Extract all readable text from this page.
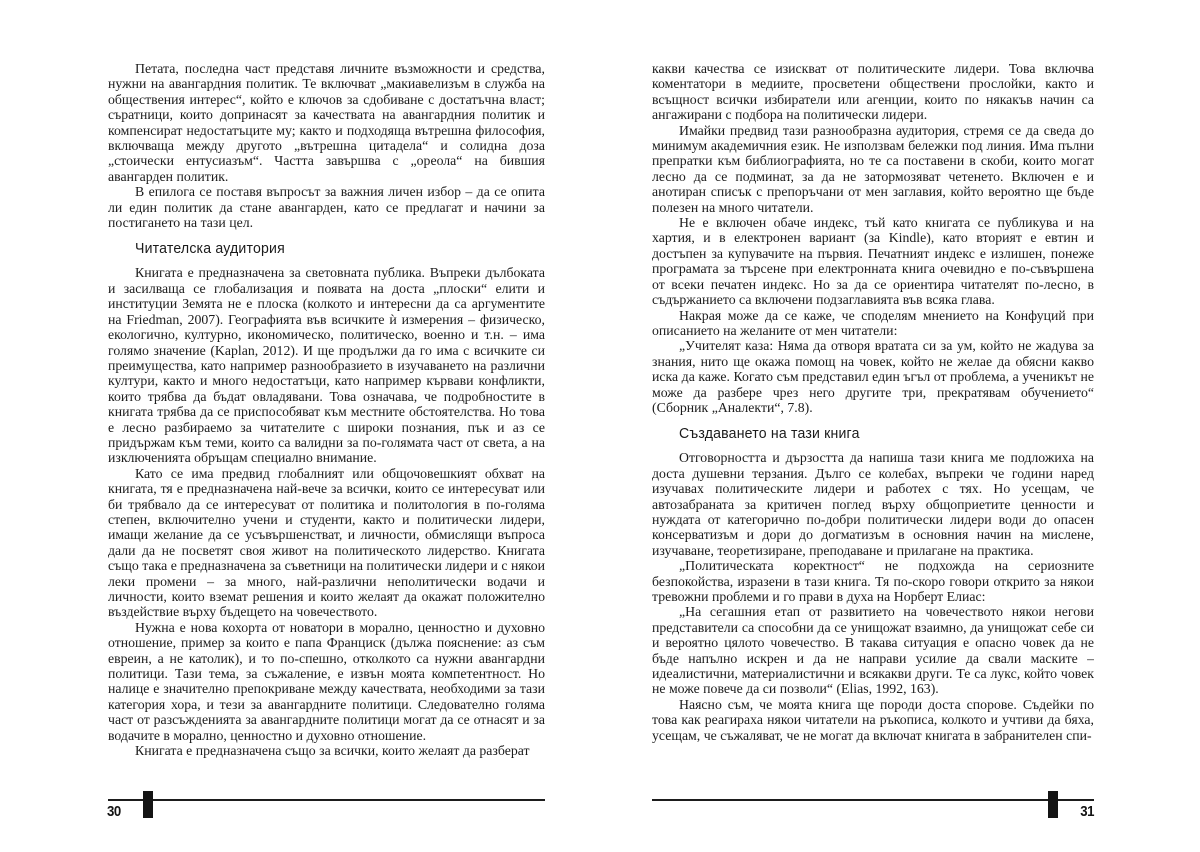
Петата, последна част представя личните възможности и средства, нужни на авангардния политик. Те включват „макиавелизъм в служба на обществения интерес“, който е ключов за сдобиване с достатъчна власт; съратници, които допринасят за качествата на авангардния политик и компенсират недостатъците му; както и подходяща вътрешна философия, включваща между другото „вътрешна цитадела“ и солидна доза „стоически ентусиазъм“. Частта завършва с „ореола“ на бившия авангарден политик.

В епилога се поставя въпросът за важния личен избор – да се опита ли един политик да стане авангарден, като се предлагат и начини за постигането на тази цел.

Читателска аудитория

Книгата е предназначена за световната публика. Въпреки дълбоката и засилваща се глобализация и появата на доста „плоски“ елити и институции Земята не е плоска (колкото и интересни да са аргументите на Friedman, 2007). Географията във всичките ѝ измерения – физическо, екологично, културно, икономическо, политическо, военно и т.н. – има голямо значение (Kaplan, 2012). И ще продължи да го има с всичките си преимущества, като например разнообразието в изучаването на различни култури, както и много недостатъци, като например кървави конфликти, които трябва да бъдат овладявани. Това означава, че подробностите в книгата трябва да се приспособяват към местните обстоятелства. Но това е лесно разбираемо за читателите с широки познания, пък и аз се придържам към теми, които са валидни за по-голямата част от света, а на изключенията обръщам специално внимание.

Като се има предвид глобалният или общочовешкият обхват на книгата, тя е предназначена най-вече за всички, които се интересуват или би трябвало да се интересуват от политика и политология в по-голяма степен, включително учени и студенти, както и политически лидери, имащи желание да се усъвършенстват, и личности, обмислящи въпроса дали да не посветят своя живот на политическото лидерство. Книгата също така е предназначена за съветници на политически лидери и с някои леки промени – за много, най-различни неполитически водачи и личности, които вземат решения и които желаят да окажат положително въздействие върху бъдещето на човечеството.

Нужна е нова кохорта от новатори в морално, ценностно и духовно отношение, пример за които е папа Франциск (дължа пояснение: аз съм евреин, а не католик), и то по-спешно, отколкото са нужни авангардни политици. Тази тема, за съжаление, е извън моята компетентност. Но налице е значително препокриване между качествата, необходими за тази категория хора, и тези за авангардните политици. Следователно голяма част от разсъжденията за авангардните политици могат да се отнасят и за водачите в морално, ценностно и духовно отношение.

Книгата е предназначена също за всички, които желаят да разберат

какви качества се изискват от политическите лидери. Това включва коментатори в медиите, просветени обществени прослойки, както и всъщност всички избиратели или агенции, които по някакъв начин са ангажирани с подбора на политически лидери.

Имайки предвид тази разнообразна аудитория, стремя се да сведа до минимум академичния език. Не използвам бележки под линия. Има пълни препратки към библиографията, но те са поставени в скоби, които могат лесно да се подминат, за да не затормозяват четенето. Включен е и анотиран списък с препоръчани от мен заглавия, който вероятно ще бъде полезен на много читатели.

Не е включен обаче индекс, тъй като книгата се публикува и на хартия, и в електронен вариант (за Kindle), като вторият е евтин и достъпен за купувачите на първия. Печатният индекс е излишен, понеже програмата за търсене при електронната книга очевидно е по-съвършена от всеки печатен индекс. Но за да се ориентира читателят по-лесно, в съдържанието са включени подзаглавията във всяка глава.

Накрая може да се каже, че споделям мнението на Конфуций при описанието на желаните от мен читатели:

„Учителят каза: Няма да отворя вратата си за ум, който не жадува за знания, нито ще окажа помощ на човек, който не желае да обясни какво иска да каже. Когато съм представил един ъгъл от проблема, а ученикът не може да разбере чрез него другите три, прекратявам обучението“ (Сборник „Аналекти“, 7.8).

Създаването на тази книга

Отговорността и дързостта да напиша тази книга ме подложиха на доста душевни терзания. Дълго се колебах, въпреки че години наред изучавах политическите лидери и работех с тях. Но усещам, че автозабраната за критичен поглед върху общоприетите ценности и нуждата от категорично по-добри политически лидери води до опасен консерватизъм и дори до догматизъм в основния начин на мислене, изучаване, теоретизиране, преподаване и прилагане на практика.

„Политическата коректност“ не подхожда на сериозните безпокойства, изразени в тази книга. Тя по-скоро говори открито за някои тревожни проблеми и го прави в духа на Норберт Елиас:

„На сегашния етап от развитието на човечеството някои негови представители са способни да се унищожат взаимно, да унищожат себе си и вероятно цялото човечество. В такава ситуация е опасно човек да не бъде напълно искрен и да не направи усилие да свали маските – идеалистични, материалистични и всякакви други. Те са лукс, който човек не може повече да си позволи“ (Elias, 1992, 163).

Наясно съм, че моята книга ще породи доста спорове. Съдейки по това как реагираха някои читатели на ръкописа, колкото и учтиви да бяха, усещам, че съжаляват, че не могат да включат книгата в забранителен спи-

30	31
